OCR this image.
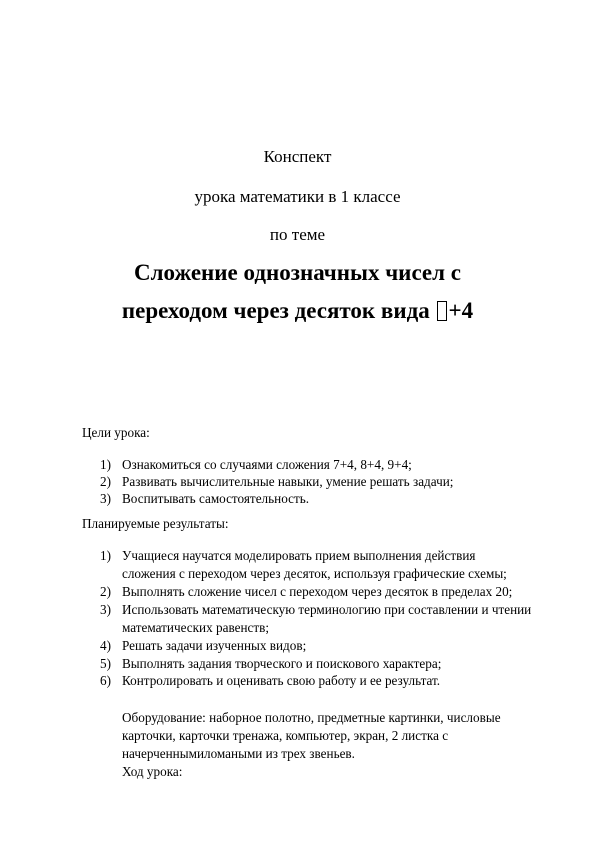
Конспект
урока математики в 1 классе
по теме
Сложение однозначных чисел с
переходом через десяток вида +4
Цели урока:
1) Ознакомиться со случаями сложения 7+4, 8+4, 9+4;
2) Развивать вычислительные навыки, умение решать задачи;
3) Воспитывать самостоятельность.
Планируемые результаты:
1) Учащиеся научатся моделировать прием выполнения действия
сложения с переходом через десяток, используя графические схемы;
2) Выполнять сложение чисел с переходом через десяток в пределах 20;
3) Использовать математическую терминологию при составлении и чтении
математических равенств;
4) Решать задачи изученных видов;
5) Выполнять задания творческого и поискового характера;
6) Контролировать и оценивать свою работу и ее результат.
Оборудование: наборное полотно, предметные картинки, числовые
карточки, карточки тренажа, компьютер, экран, 2 листка с
начерченнымиломаными из трех звеньев.
Ход урока:
